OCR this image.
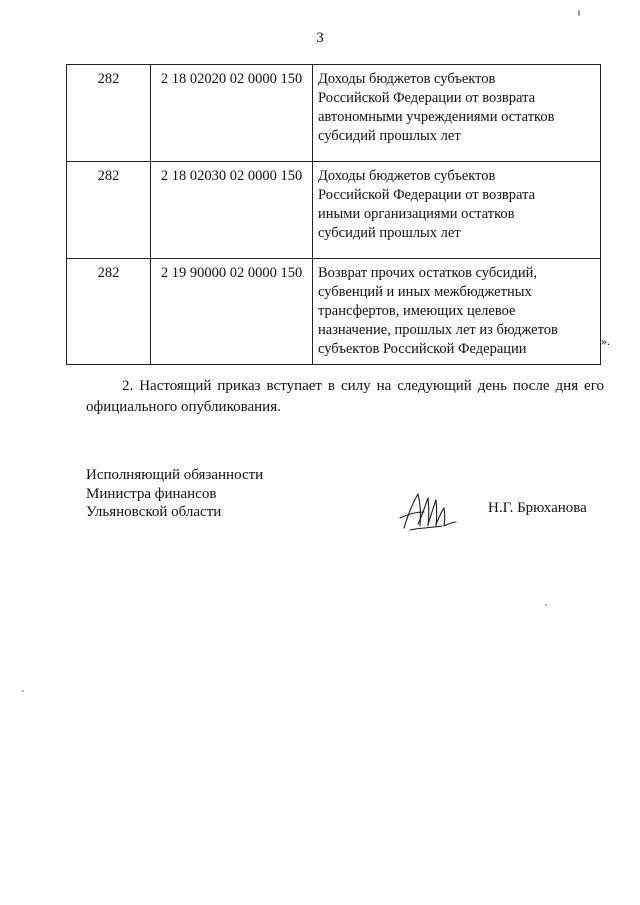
3
282	2 18 02020 02 0000 150	Доходы бюджетов субъектов
Российской Федерации от возврата
автономными учреждениями остатков
субсидий прошлых лет

282	2 18 02030 02 0000 150	Доходы бюджетов субъектов
Российской Федерации от возврата
иными организациями остатков
субсидий прошлых лет

282	2 19 90000 02 0000 150	Возврат прочих остатков субсидий,
субвенций и иных межбюджетных
трансфертов, имеющих целевое
назначение, прошлых лет из бюджетов
субъектов Российской Федерации	».
2. Настоящий приказ вступает в силу на следующий день после дня его официального опубликования.
Исполняющий обязанности
Министра финансов
Ульяновской области	Н.Г. Брюханова
